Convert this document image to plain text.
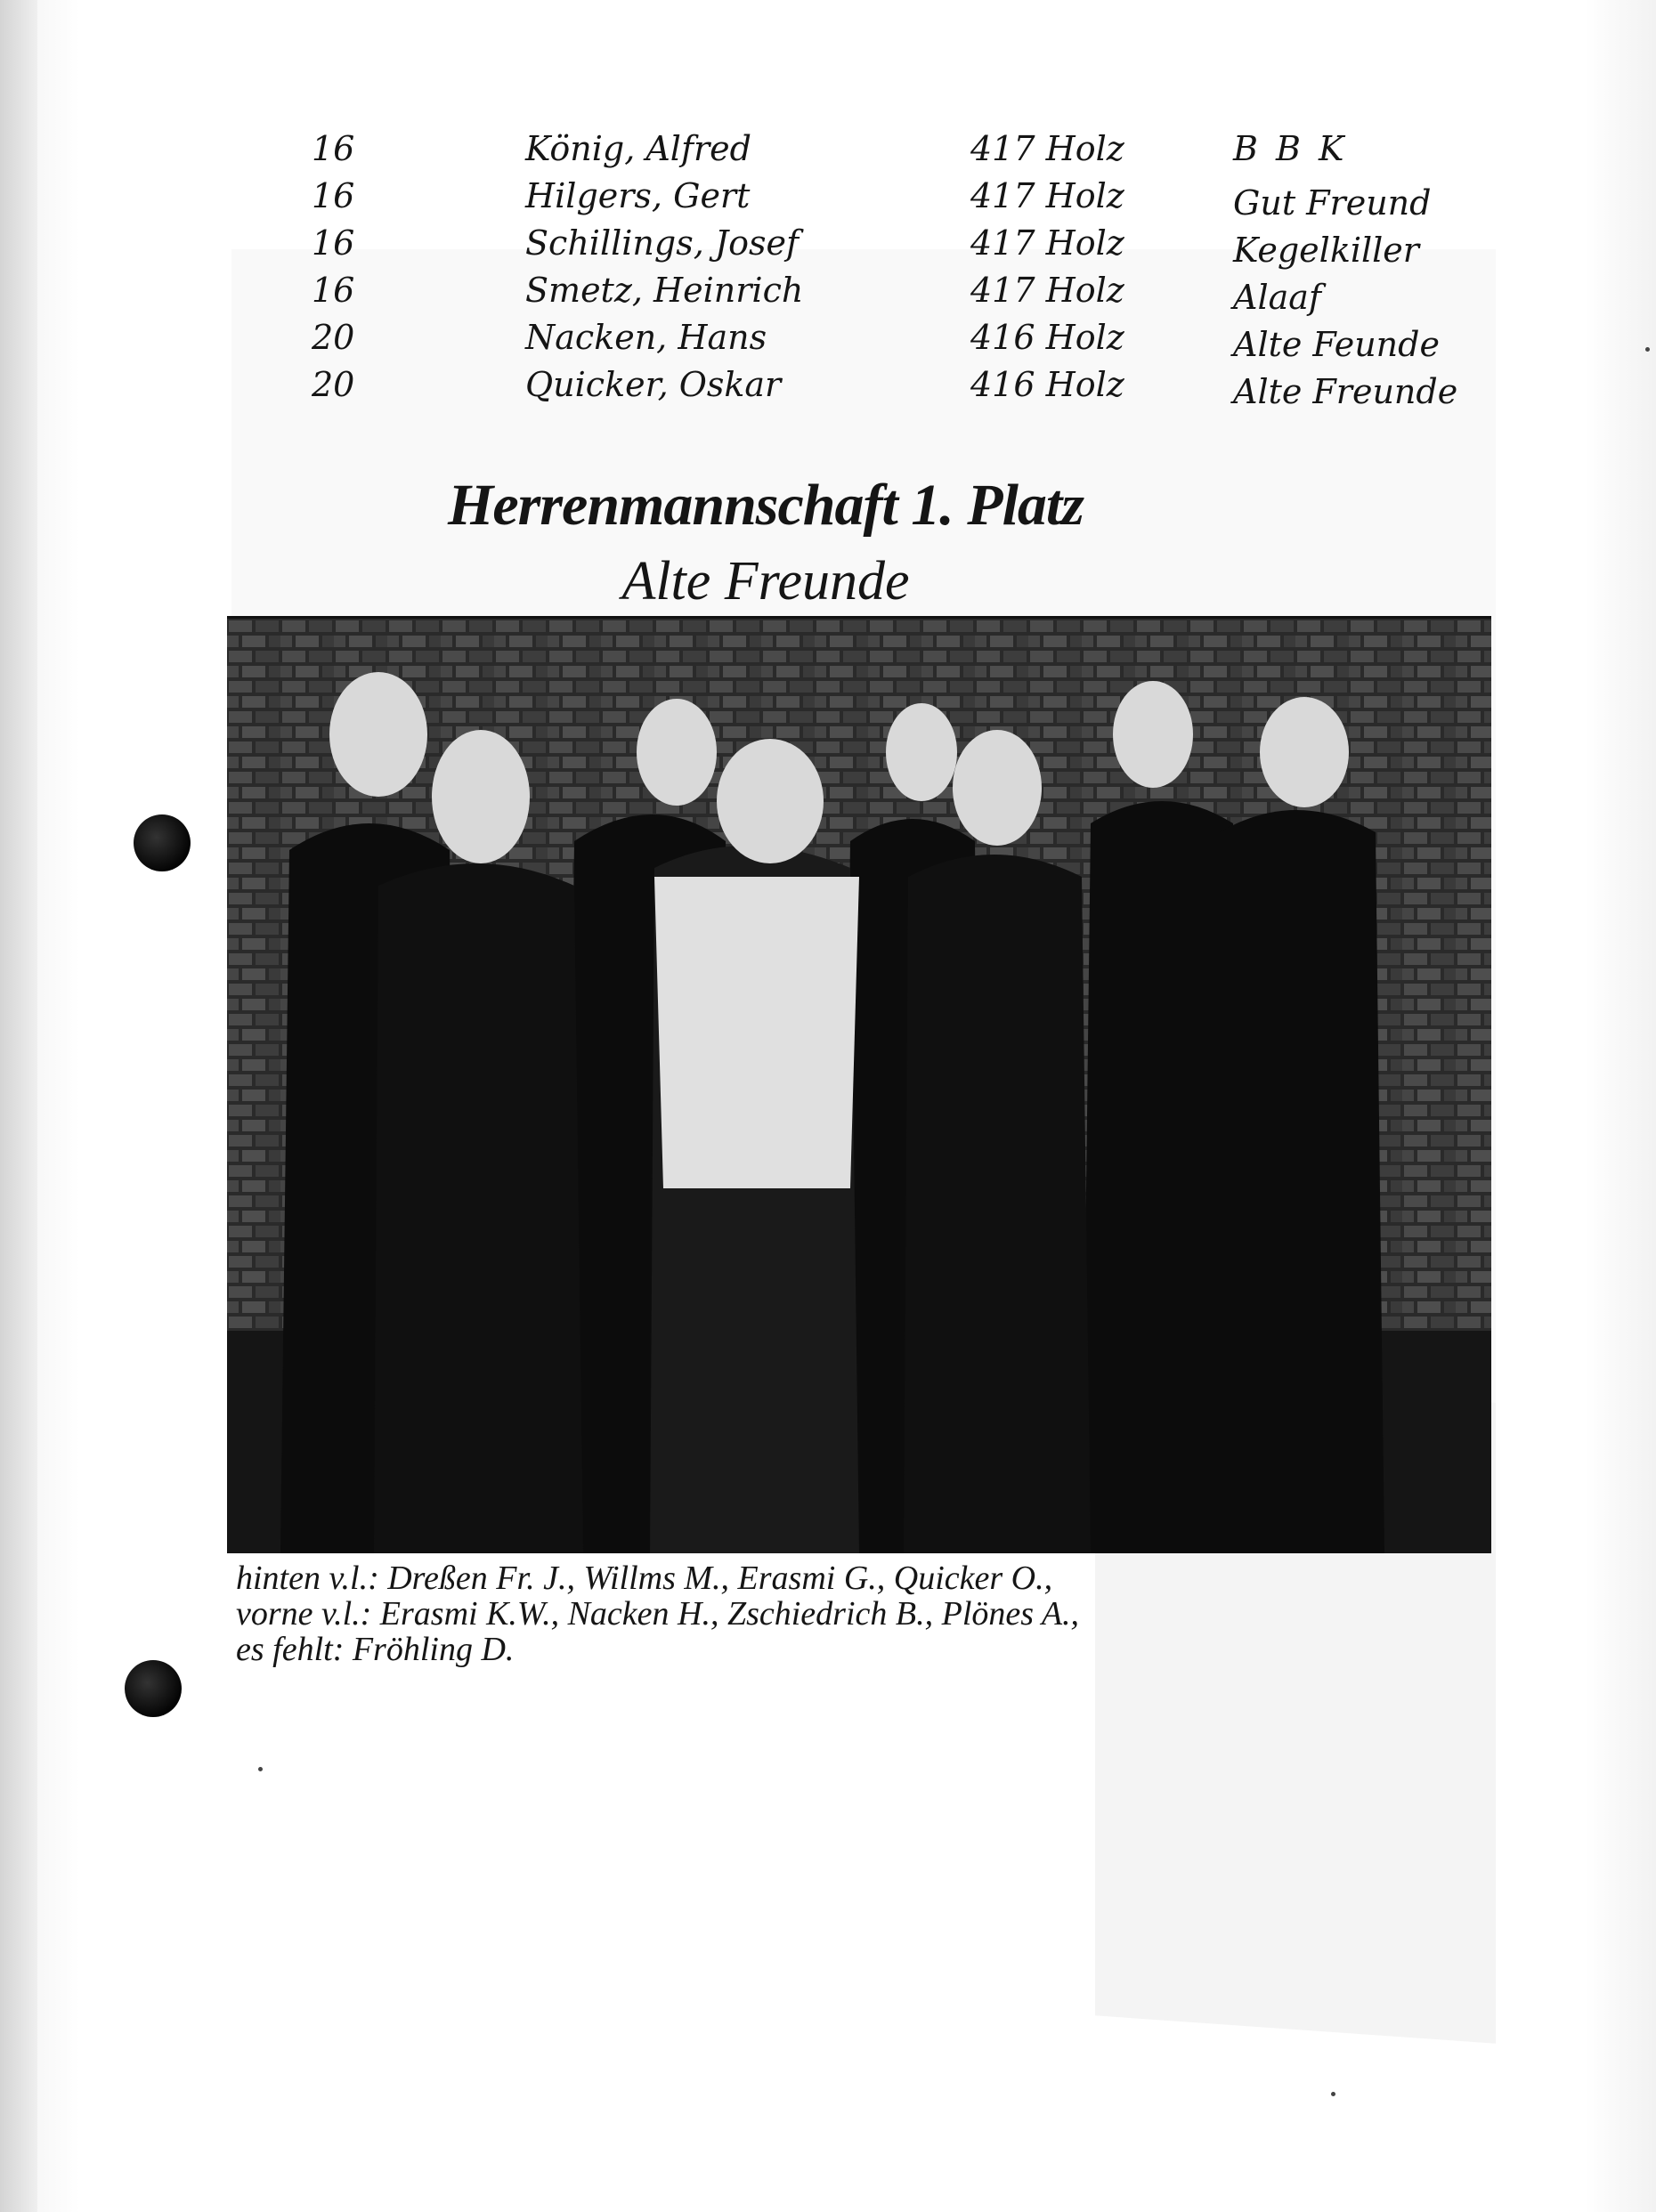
16	König, Alfred	417 Holz	B B K
16	Hilgers, Gert	417 Holz	Gut Freund
16	Schillings, Josef	417 Holz	Kegelkiller
16	Smetz, Heinrich	417 Holz	Alaaf
20	Nacken, Hans	416 Holz	Alte Feunde
20	Quicker, Oskar	416 Holz	Alte Freunde
Herrenmannschaft 1. Platz
Alte Freunde
hinten v.l.: Dreßen Fr. J., Willms M., Erasmi G., Quicker O.,
vorne v.l.: Erasmi K.W., Nacken H., Zschiedrich B., Plönes A.,
es fehlt: Fröhling D.
